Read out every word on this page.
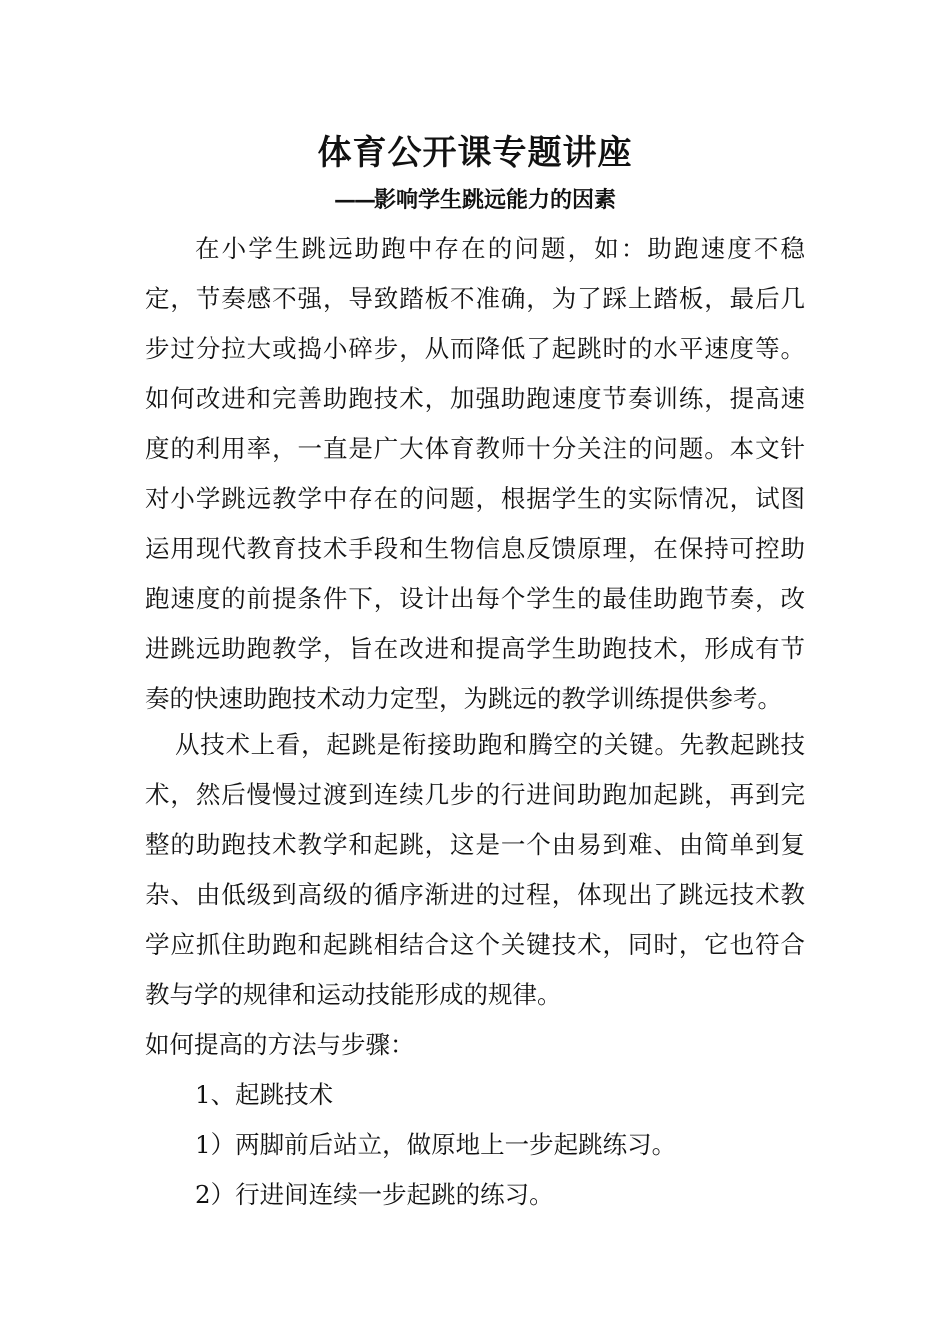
体育公开课专题讲座
——影响学生跳远能力的因素
在小学生跳远助跑中存在的问题，如：助跑速度不稳定，节奏感不强，导致踏板不准确，为了踩上踏板，最后几步过分拉大或捣小碎步，从而降低了起跳时的水平速度等。如何改进和完善助跑技术，加强助跑速度节奏训练，提高速度的利用率，一直是广大体育教师十分关注的问题。本文针对小学跳远教学中存在的问题，根据学生的实际情况，试图运用现代教育技术手段和生物信息反馈原理，在保持可控助跑速度的前提条件下，设计出每个学生的最佳助跑节奏，改进跳远助跑教学，旨在改进和提高学生助跑技术，形成有节奏的快速助跑技术动力定型，为跳远的教学训练提供参考。
从技术上看，起跳是衔接助跑和腾空的关键。先教起跳技术，然后慢慢过渡到连续几步的行进间助跑加起跳，再到完整的助跑技术教学和起跳，这是一个由易到难、由简单到复杂、由低级到高级的循序渐进的过程，体现出了跳远技术教学应抓住助跑和起跳相结合这个关键技术，同时，它也符合教与学的规律和运动技能形成的规律。
如何提高的方法与步骤：
1、起跳技术
1）两脚前后站立，做原地上一步起跳练习。
2）行进间连续一步起跳的练习。
